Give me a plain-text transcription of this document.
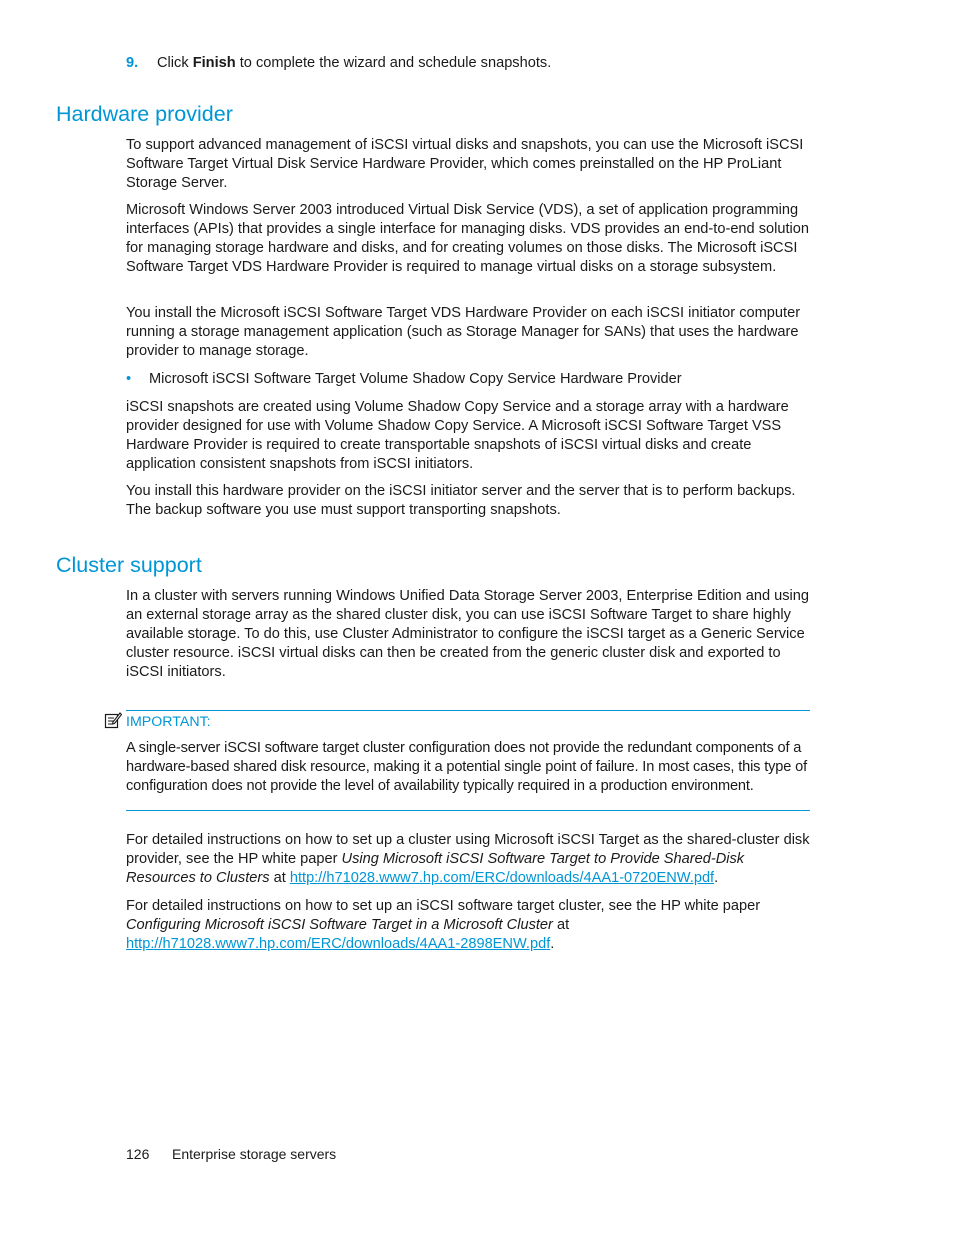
9. Click Finish to complete the wizard and schedule snapshots.
Hardware provider

To support advanced management of iSCSI virtual disks and snapshots, you can use the Microsoft iSCSI Software Target Virtual Disk Service Hardware Provider, which comes preinstalled on the HP ProLiant Storage Server.

Microsoft Windows Server 2003 introduced Virtual Disk Service (VDS), a set of application programming interfaces (APIs) that provides a single interface for managing disks. VDS provides an end-to-end solution for managing storage hardware and disks, and for creating volumes on those disks. The Microsoft iSCSI Software Target VDS Hardware Provider is required to manage virtual disks on a storage subsystem.

You install the Microsoft iSCSI Software Target VDS Hardware Provider on each iSCSI initiator computer running a storage management application (such as Storage Manager for SANs) that uses the hardware provider to manage storage.

• Microsoft iSCSI Software Target Volume Shadow Copy Service Hardware Provider

iSCSI snapshots are created using Volume Shadow Copy Service and a storage array with a hardware provider designed for use with Volume Shadow Copy Service. A Microsoft iSCSI Software Target VSS Hardware Provider is required to create transportable snapshots of iSCSI virtual disks and create application consistent snapshots from iSCSI initiators.

You install this hardware provider on the iSCSI initiator server and the server that is to perform backups. The backup software you use must support transporting snapshots.

Cluster support

In a cluster with servers running Windows Unified Data Storage Server 2003, Enterprise Edition and using an external storage array as the shared cluster disk, you can use iSCSI Software Target to share highly available storage. To do this, use Cluster Administrator to configure the iSCSI target as a Generic Service cluster resource. iSCSI virtual disks can then be created from the generic cluster disk and exported to iSCSI initiators.

IMPORTANT:

A single-server iSCSI software target cluster configuration does not provide the redundant components of a hardware-based shared disk resource, making it a potential single point of failure. In most cases, this type of configuration does not provide the level of availability typically required in a production environment.

For detailed instructions on how to set up a cluster using Microsoft iSCSI Target as the shared-cluster disk provider, see the HP white paper Using Microsoft iSCSI Software Target to Provide Shared-Disk Resources to Clusters at http://h71028.www7.hp.com/ERC/downloads/4AA1-0720ENW.pdf.

For detailed instructions on how to set up an iSCSI software target cluster, see the HP white paper Configuring Microsoft iSCSI Software Target in a Microsoft Cluster at http://h71028.www7.hp.com/ERC/downloads/4AA1-2898ENW.pdf.

126 Enterprise storage servers
